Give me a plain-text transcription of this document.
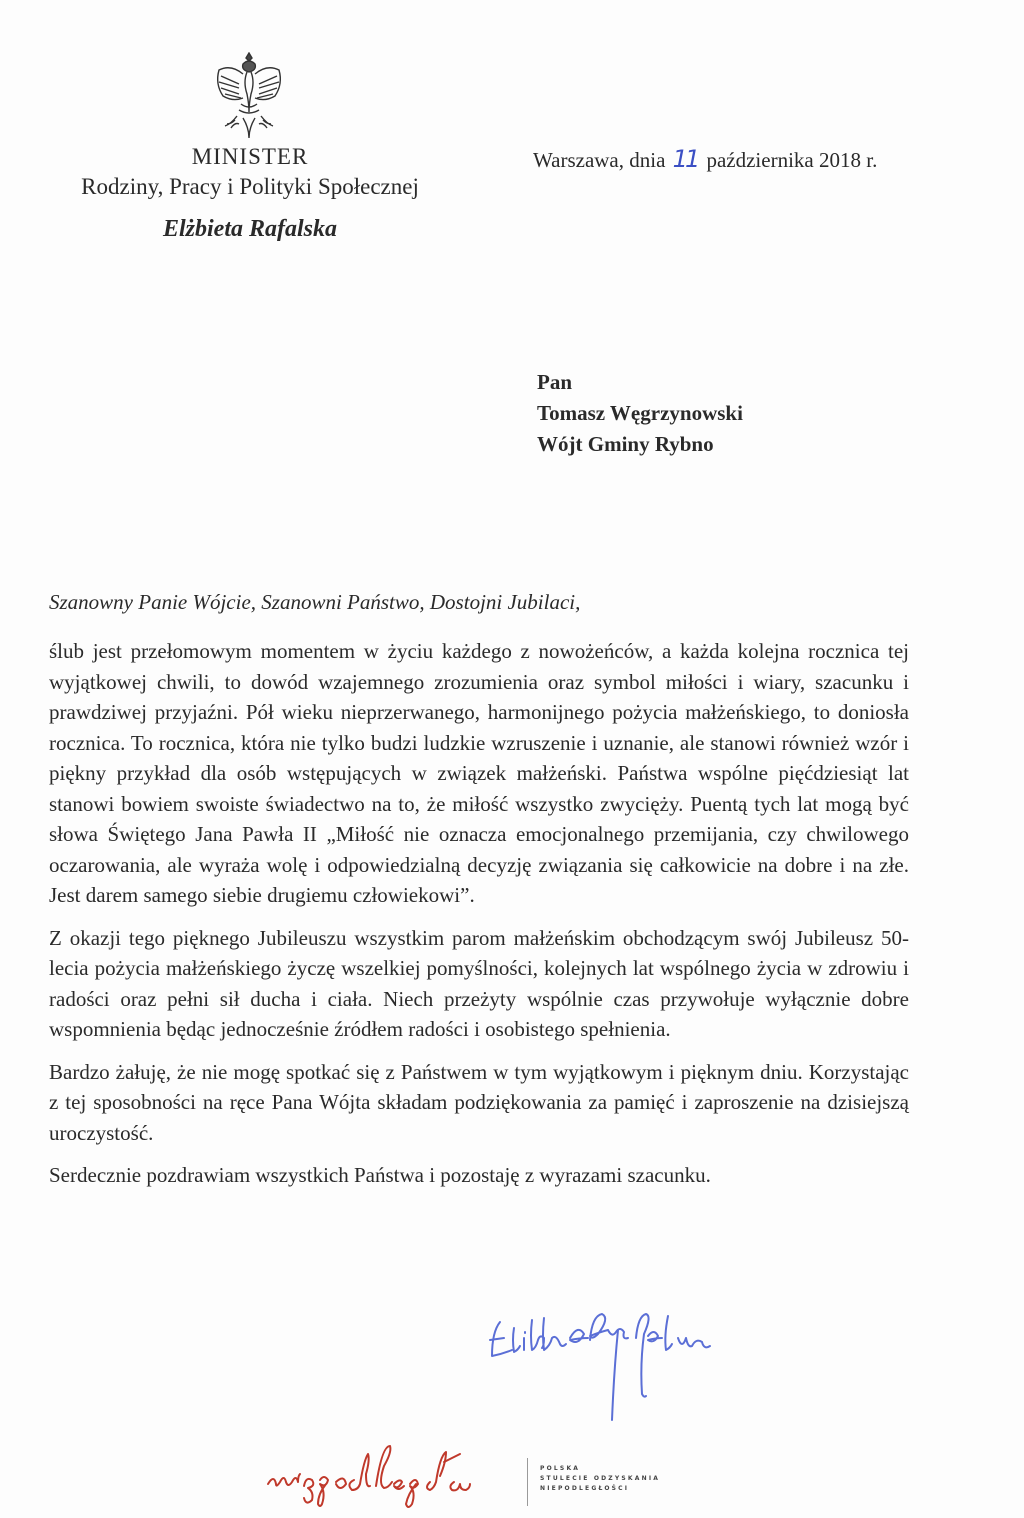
MINISTER

Rodziny, Pracy i Polityki Społecznej

Elżbieta Rafalska
Warszawa, dnia 11 października 2018 r.
Pan
Tomasz Węgrzynowski
Wójt Gminy Rybno
Szanowny Panie Wójcie, Szanowni Państwo, Dostojni Jubilaci,

ślub jest przełomowym momentem w życiu każdego z nowożeńców, a każda kolejna rocznica tej wyjątkowej chwili, to dowód wzajemnego zrozumienia oraz symbol miłości i wiary, szacunku i prawdziwej przyjaźni. Pół wieku nieprzerwanego, harmonijnego pożycia małżeńskiego, to doniosła rocznica. To rocznica, która nie tylko budzi ludzkie wzruszenie i uznanie, ale stanowi również wzór i piękny przykład dla osób wstępujących w związek małżeński. Państwa wspólne pięćdziesiąt lat stanowi bowiem swoiste świadectwo na to, że miłość wszystko zwycięży. Puentą tych lat mogą być słowa Świętego Jana Pawła II „Miłość nie oznacza emocjonalnego przemijania, czy chwilowego oczarowania, ale wyraża wolę i odpowiedzialną decyzję związania się całkowicie na dobre i na złe. Jest darem samego siebie drugiemu człowiekowi”.

Z okazji tego pięknego Jubileuszu wszystkim parom małżeńskim obchodzącym swój Jubileusz 50-lecia pożycia małżeńskiego życzę wszelkiej pomyślności, kolejnych lat wspólnego życia w zdrowiu i radości oraz pełni sił ducha i ciała. Niech przeżyty wspólnie czas przywołuje wyłącznie dobre wspomnienia będąc jednocześnie źródłem radości i osobistego spełnienia.

Bardzo żałuję, że nie mogę spotkać się z Państwem w tym wyjątkowym i pięknym dniu. Korzystając z tej sposobności na ręce Pana Wójta składam podziękowania za pamięć i zaproszenie na dzisiejszą uroczystość.

Serdecznie pozdrawiam wszystkich Państwa i pozostaję z wyrazami szacunku.

POLSKA
STULECIE ODZYSKANIA
NIEPODLEGŁOŚCI
